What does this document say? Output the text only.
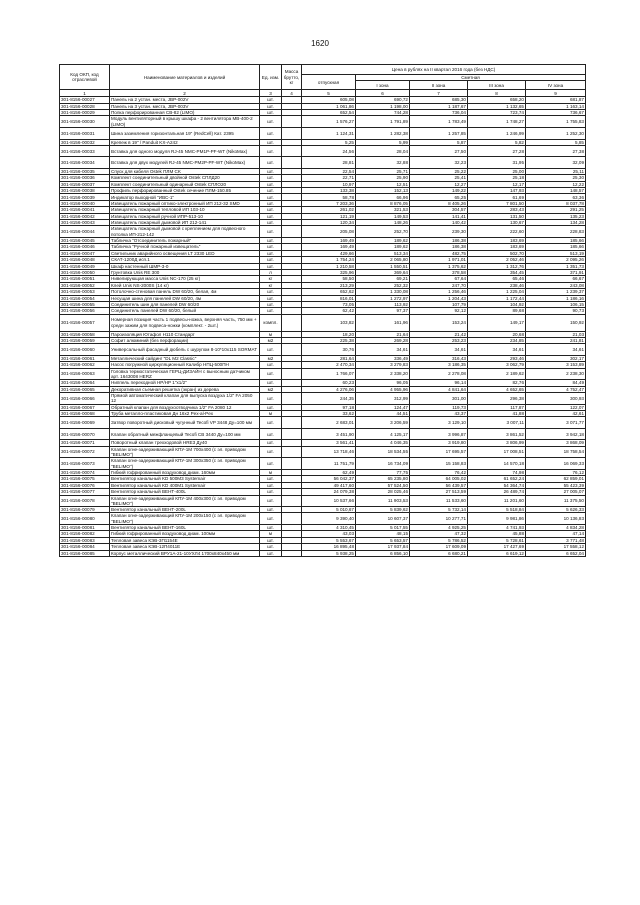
1620
Код ОКП, код отраслевой	Наименование материалов и изделий	Ед. изм.	Масса брутто, кг	Цена в рублях на II квартал 2016 года (без НДС)				
				отпускная	Сметная			
					I зона	II зона	III зона	IV зона

1	2	3	4	5	6	7	8	9
301-8156-00027	Панель на 2 устан. места, JBP-002V	шт.		605,08	690,72	685,30	658,20	681,87
301-8156-00028	Панель на 3 устан. места, JBP-003V	шт.		1 061,86	1 198,00	1 187,67	1 132,65	1 163,14
301-8156-00029	Полка перфорированная CB-82 (LIMO)	шт.		652,54	744,28	736,04	723,74	736,67
301-8156-00030	Модуль вентиляторный в крышу шкафа - 2 вентилятора MB-400-2 (LIMO)	шт.		1 576,27	1 791,89	1 783,49	1 748,27	1 755,83
301-8156-00031	Шина заземления горизонтальная 19" (RedCell) Кат. 2395	шт.		1 124,31	1 282,38	1 257,85	1 246,99	1 252,30
301-8156-00032	Крепеж в 19" / Panduit KX-A242	шт.		5,25	5,99	5,87	5,82	5,85
301-8156-00033	Вставка для одного модуля RJ-45 NMC-PM1P-PF-WT (NikoMax)	шт.		24,56	28,04	27,50	27,28	27,38
301-8156-00034	Вставка для двух модулей RJ-45 NMC-PM2P-PF-WT (NikoMax)	шт.		28,81	32,88	32,23	31,95	32,09
301-8156-00035	Спуск для кабеля Ostek ПЛМ CK	шт.		22,54	25,71	25,22	25,00	25,11
301-8156-00036	Комплект соединительный двойной Ostek CПЛД20	шт.		22,71	25,90	25,41	25,18	25,30
301-8156-00037	Комплект соединительный одинарный Ostek CПЛО20	шт.		10,97	12,51	12,27	12,17	12,22
301-8156-00038	Профиль перфорированный Ostek сечение ПЛМ-150.85	шт.		133,38	152,13	149,22	147,93	148,57
301-8156-00039	Индикатор выходной "ИВС-1"	шт.		58,78	66,96	65,25	61,69	63,36
301-8156-00040	Извещатель пожарный оптико-электронный ИП 212-32 SMD	шт.		7 203,36	8 876,05	8 405,26	7 801,50	8 037,78
301-8156-00041	Извещатель пожарный тепловой ИП 103-10	шт.		261,02	321,53	304,57	283,43	291,25
301-8156-00042	Извещатель пожарный ручной ИПР-513-10	шт.		121,19	149,53	141,41	131,50	135,23
301-8156-00043	Извещатель пожарный дымовой ИП 212-141	шт.		120,34	148,26	140,42	130,67	134,28
301-8156-00044	Извещатель пожарный дымовой с креплением для подвесного потолка ИП-212-142	шт.		205,08	252,70	239,30	222,60	228,83
301-8156-00045	Табличка "Отсоединитель пожарный"	шт.		169,49	189,62	186,38	183,69	185,66
301-8156-00046	Табличка "Ручной пожарный извещатель"	шт.		169,49	189,62	186,38	183,69	185,66
301-8156-00047	Светильник аварийного освещения LT 2330 LED	шт.		429,66	513,34	482,75	502,70	513,19
301-8156-00048	СКАТ-1200Д исп.1	шт.		1 754,24	2 065,80	1 971,01	2 052,46	2 095,26
301-8156-00049	Шкаф настенный ШМР-3-0	шт.		1 210,58	1 550,51	1 375,62	1 312,76	1 351,73
301-8156-00050	Грунтовка Unis RE 300	л		325,96	369,64	378,58	354,45	371,91
301-8156-00051	Нивелирующая масса Unis NC-170 (25 кг)	кг		58,50	69,21	67,64	65,46	66,67
301-8156-00052	Клей Unis NS-2000S (14 кг)	кг		213,29	252,32	247,70	238,46	243,08
301-8156-00053	Потолочно-стеновая панель DW 60/20, белая, 4м	шт.		652,62	1 330,08	1 256,46	1 225,04	1 239,37
301-8156-00054	Несущая шина для панелей DW 60/20, 4м	шт.		816,01	1 272,97	1 204,43	1 172,44	1 186,16
301-8156-00055	Соединитель шин для панелей DW 60/20	шт.		73,05	113,92	107,79	104,92	106,15
301-8156-00056	Соединитель панелей DW 60/20, белый	шт.		62,42	97,37	92,12	89,68	90,73
301-8156-00057	Номерная позиция часть 1 подвесы-ножка, верхняя часть, 750 мм + средн зажим для подвеса-ножки (комплект. - 2шт.)	компл.		103,82	161,96	153,24	149,17	150,92
301-8156-00058	Пароизоляция Ютафол Н110 Стандарт	м		18,20	21,64	21,42	20,68	21,03
301-8156-00059	Софит алюминий (без перфорации)	м2		225,38	269,28	253,23	234,85	241,81
301-8156-00060	Универсальный фасадный дюбель с шурупом 8-10*10х115 SORMAT	шт.		30,76	34,61	34,61	34,61	34,61
301-8156-00061	Металлический сайдинг "DL M2 Classic"	м2		281,64	336,49	316,43	293,46	302,17
301-8156-00062	Насос погружной циркуляционный Калибр НПЦ-500ПН	шт.		2 470,34	3 279,83	3 186,35	3 062,79	3 153,89
301-8156-00063	Головка термостатическая ГЕРЦ-ДИЗАЙН с выносным датчиком арт. 1643008 HERZ	шт.		1 766,07	2 338,20	2 278,08	2 189,62	2 238,30
301-8156-00064	Ниппель переходной НР/НР 1"х1/2"	шт.		60,23	96,05	96,14	82,76	84,49
301-8156-00065	Декоративная съемная решетка (экран) из дерева	м2		4 276,06	4 955,96	4 841,64	4 652,65	4 752,47
301-8156-00066	Прямой автоматический клапан для выпуска воздуха 1/2" FA 2050 12	шт.		244,35	312,99	301,00	296,38	300,93
301-8156-00067	Обратный клапан для воздухоотводчика 1/2" FA 2080 12	шт.		97,18	124,47	119,73	117,87	122,07
301-8156-00068	Труба металло-пластиковая Дн 16х2 Pex-al-Pex	м		33,62	44,51	43,37	41,88	42,61
301-8156-00069	Затвор поворотный дисковый чугунный Tecofi VP 3448 Ду=100 мм	шт.		2 683,01	3 206,59	3 129,10	3 007,11	3 071,77
301-8156-00070	Клапан обратный межфланцевый Tecofi CB 3440 Ду=100 мм	шт.		3 451,90	4 125,17	3 996,87	3 861,52	3 942,18
301-8156-00071	Поворотный клапан трехходовой HRE3 Ду40	шт.		3 561,41	4 046,35	3 919,80	3 806,99	3 868,09
301-8156-00072	Клапан огне-задерживающий КПУ-1М 700х400 (с эл. приводом "BELIMO")	шт.		13 718,46	18 534,55	17 695,57	17 008,51	18 758,54
301-8156-00073	Клапан огне-задерживающий КПУ-1М 300х350 (с эл. приводом "BELIMO")	шт.		11 751,79	16 734,09	15 158,83	14 570,18	16 069,33
301-8156-00074	Гибкий гофрированный воздуховод диам. 160мм	м		62,49	77,75	76,42	74,98	76,12
301-8156-00075	Вентилятор канальный KD 500M3 Systemair	шт.		56 042,37	65 235,80	64 005,02	61 652,24	62 859,01
301-8156-00076	Вентилятор канальный KD 400M1 Systemair	шт.		49 417,60	57 524,50	56 439,57	54 364,74	55 423,39
301-8156-00077	Вентилятор канальный ВЕНТ-400L	шт.		24 079,38	28 025,46	27 513,59	26 489,74	27 005,07
301-8156-00078	Клапан огне-задерживающий КПУ-1М 400х300 (с эл. приводом "BELIMO")	шт.		10 537,66	11 903,53	11 533,60	11 201,60	11 375,50
301-8156-00079	Вентилятор канальный ВЕНТ-200L	шт.		5 010,67	5 839,62	5 732,14	5 518,84	5 626,33
301-8156-00080	Клапан огне-задерживающий КПУ-1М 200х150 (с эл. приводом "BELIMO")	шт.		9 390,40	10 607,37	10 277,71	9 981,86	10 136,83
301-8156-00081	Вентилятор канальный ВЕНТ-160L	шт.		4 310,45	5 017,55	4 925,25	4 741,93	4 834,28
301-8156-00082	Гибкий гофрированный воздуховод диам. 100мм	м		43,03	48,15	47,32	45,88	47,14
301-8156-00083	Тепловая завеса КЭВ-3П1154Е	шт.		5 553,67	5 653,57	5 786,52	5 728,61	3 771,48
301-8156-00084	Тепловая завеса КЭВ-12П4011Е	шт.		16 895,48	17 937,84	17 609,09	17 427,69	17 558,12
301-8156-00085	Корпус металлический ВРУ1А-21-10УХЛ4 1700х840х450 мм	шт.		5 938,25	6 856,10	6 680,21	6 619,12	6 652,04
